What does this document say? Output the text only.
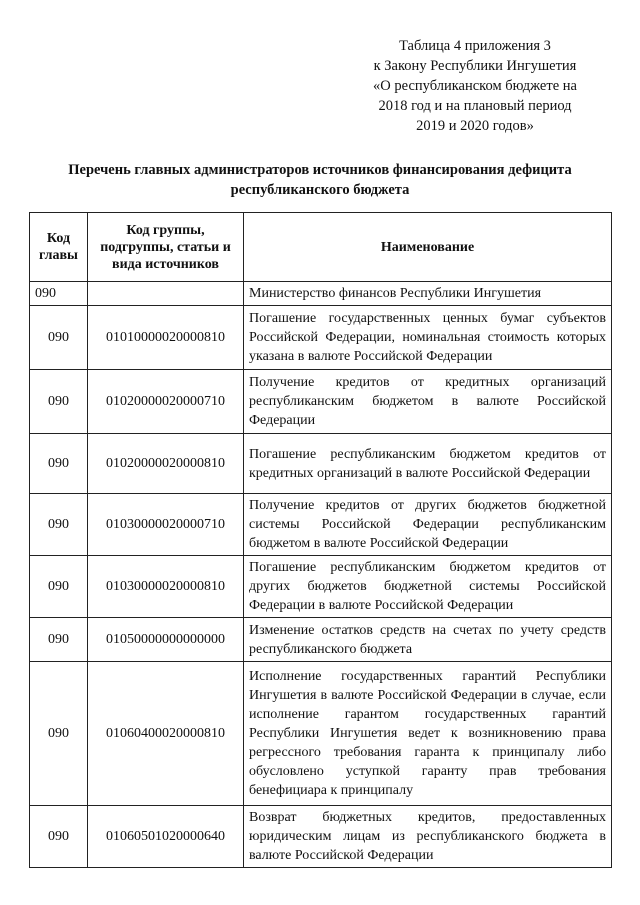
Таблица 4 приложения 3
к Закону Республики Ингушетия
«О республиканском бюджете на
2018 год и на плановый период
2019 и 2020 годов»
Перечень главных администраторов источников финансирования дефицита
республиканского бюджета
Код главы	Код группы, подгруппы, статьи и вида источников	Наименование
090		Министерство финансов Республики Ингушетия
090	01010000020000810	Погашение государственных ценных бумаг субъектов Российской Федерации, номинальная стоимость которых указана в валюте Российской Федерации
090	01020000020000710	Получение кредитов от кредитных организаций республиканским бюджетом в валюте Российской Федерации
090	01020000020000810	Погашение республиканским бюджетом кредитов от кредитных организаций в валюте Российской Федерации
090	01030000020000710	Получение кредитов от других бюджетов бюджетной системы Российской Федерации республиканским бюджетом в валюте Российской Федерации
090	01030000020000810	Погашение республиканским бюджетом кредитов от других бюджетов бюджетной системы Российской Федерации в валюте Российской Федерации
090	01050000000000000	Изменение остатков средств на счетах по учету средств республиканского бюджета
090	01060400020000810	Исполнение государственных гарантий Республики Ингушетия в валюте Российской Федерации в случае, если исполнение гарантом государственных гарантий Республики Ингушетия ведет к возникновению права регрессного требования гаранта к принципалу либо обусловлено уступкой гаранту прав требования бенефициара к принципалу
090	01060501020000640	Возврат бюджетных кредитов, предоставленных юридическим лицам из республиканского бюджета в валюте Российской Федерации
